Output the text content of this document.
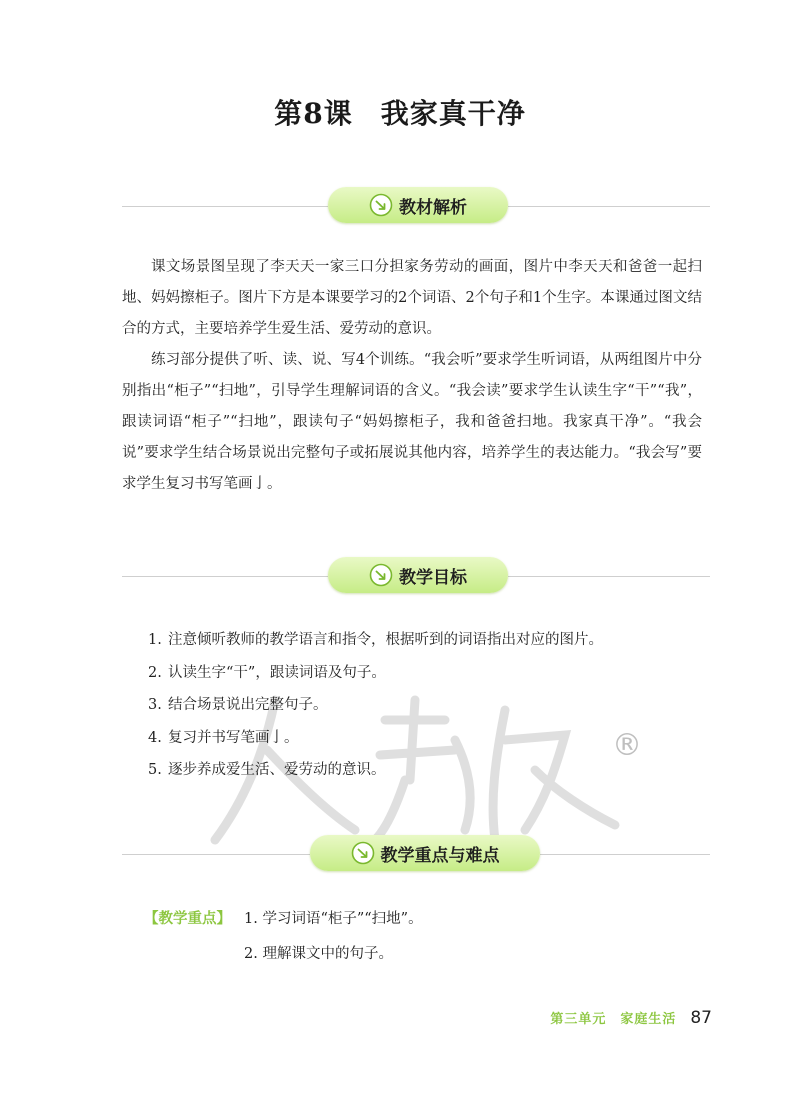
第8课 我家真干净
教材解析

课文场景图呈现了李天天一家三口分担家务劳动的画面，图片中李天天和爸爸一起扫地、妈妈擦柜子。图片下方是本课要学习的2个词语、2个句子和1个生字。本课通过图文结合的方式，主要培养学生爱生活、爱劳动的意识。

练习部分提供了听、读、说、写4个训练。“我会听”要求学生听词语，从两组图片中分别指出“柜子”“扫地”，引导学生理解词语的含义。“我会读”要求学生认读生字“干”“我”，跟读词语“柜子”“扫地”，跟读句子“妈妈擦柜子，我和爸爸扫地。我家真干净”。“我会说”要求学生结合场景说出完整句子或拓展说其他内容，培养学生的表达能力。“我会写”要求学生复习书写笔画亅。

教学目标
1. 注意倾听教师的教学语言和指令，根据听到的词语指出对应的图片。
2. 认读生字“干”，跟读词语及句子。
3. 结合场景说出完整句子。
4. 复习并书写笔画亅。
5. 逐步养成爱生活、爱劳动的意识。
®
教学重点与难点
【教学重点】 1. 学习词语“柜子”“扫地”。
2. 理解课文中的句子。
第三单元　家庭生活 87
